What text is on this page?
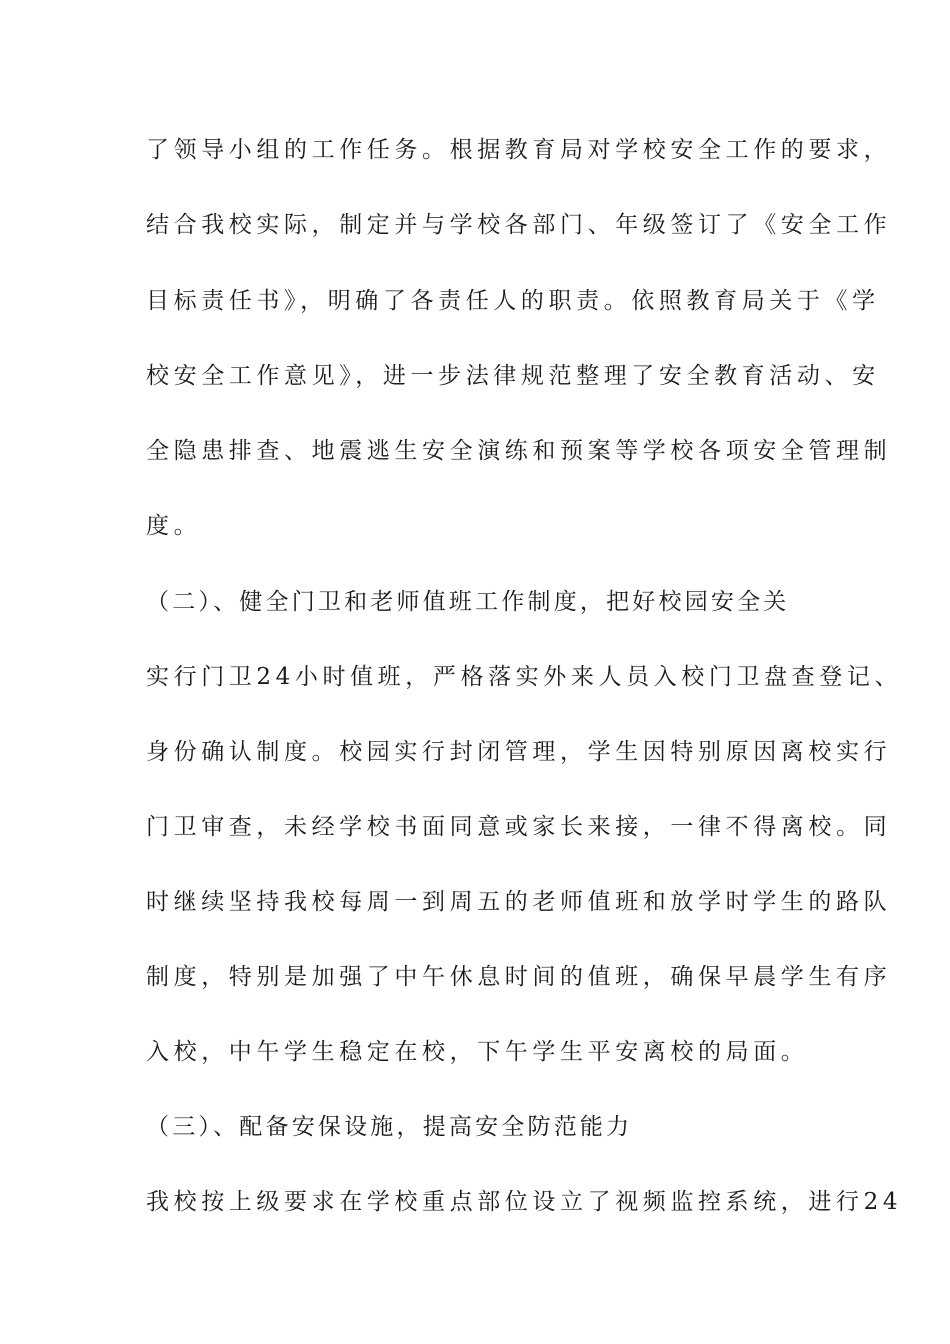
了领导小组的工作任务。根据教育局对学校安全工作的要求，
结合我校实际，制定并与学校各部门、年级签订了《安全工作
目标责任书》，明确了各责任人的职责。依照教育局关于《学
校安全工作意见》，进一步法律规范整理了安全教育活动、安
全隐患排查、地震逃生安全演练和预案等学校各项安全管理制
度。
（二）、健全门卫和老师值班工作制度，把好校园安全关
实行门卫24小时值班，严格落实外来人员入校门卫盘查登记、
身份确认制度。校园实行封闭管理，学生因特别原因离校实行
门卫审查，未经学校书面同意或家长来接，一律不得离校。同
时继续坚持我校每周一到周五的老师值班和放学时学生的路队
制度，特别是加强了中午休息时间的值班，确保早晨学生有序
入校，中午学生稳定在校，下午学生平安离校的局面。
（三）、配备安保设施，提高安全防范能力
我校按上级要求在学校重点部位设立了视频监控系统，进行24
